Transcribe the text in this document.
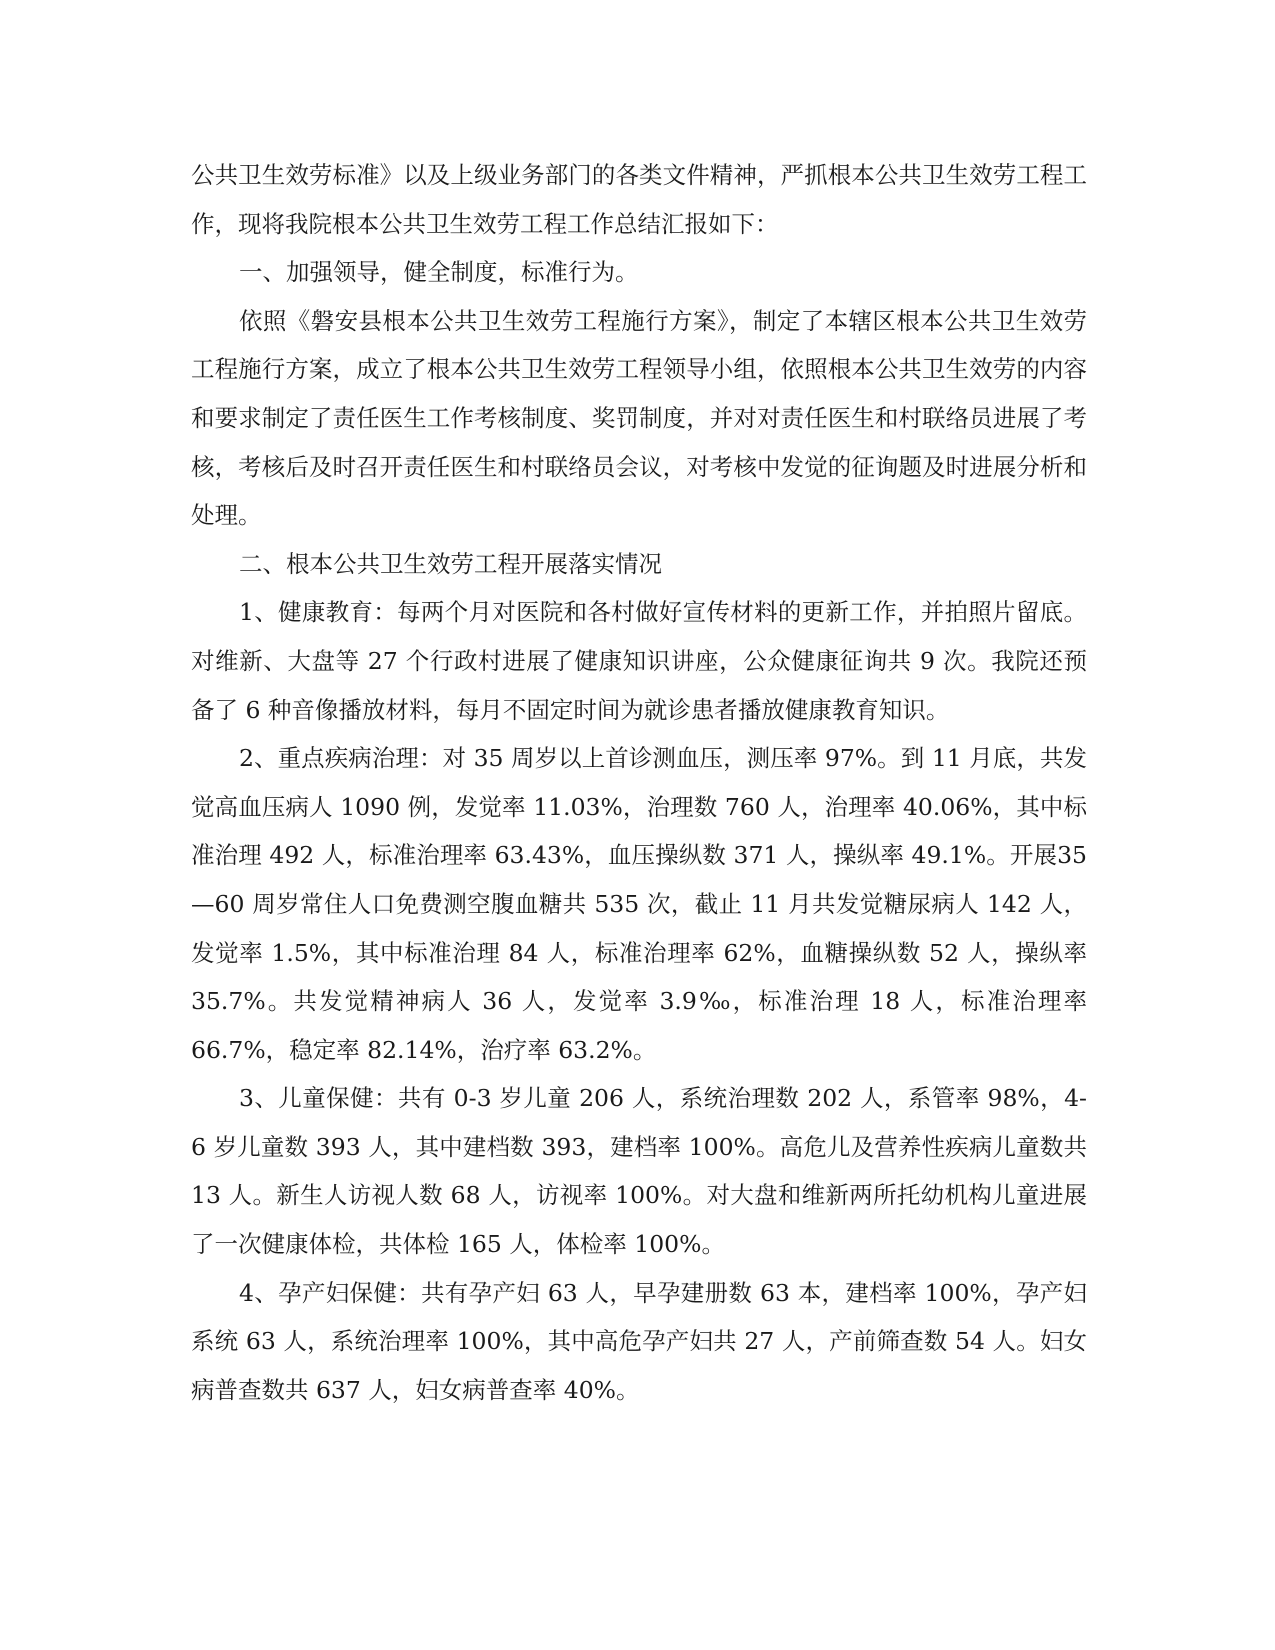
公共卫生效劳标准》以及上级业务部门的各类文件精神，严抓根本公共卫生效劳工程工作，现将我院根本公共卫生效劳工程工作总结汇报如下：

一、加强领导，健全制度，标准行为。

依照《磐安县根本公共卫生效劳工程施行方案》，制定了本辖区根本公共卫生效劳工程施行方案，成立了根本公共卫生效劳工程领导小组，依照根本公共卫生效劳的内容和要求制定了责任医生工作考核制度、奖罚制度，并对对责任医生和村联络员进展了考核，考核后及时召开责任医生和村联络员会议，对考核中发觉的征询题及时进展分析和处理。

二、根本公共卫生效劳工程开展落实情况

1、健康教育：每两个月对医院和各村做好宣传材料的更新工作，并拍照片留底。对维新、大盘等 27 个行政村进展了健康知识讲座，公众健康征询共 9 次。我院还预备了 6 种音像播放材料，每月不固定时间为就诊患者播放健康教育知识。

2、重点疾病治理：对 35 周岁以上首诊测血压，测压率 97%。到 11 月底，共发觉高血压病人 1090 例，发觉率 11.03%，治理数 760 人，治理率 40.06%，其中标准治理 492 人，标准治理率 63.43%，血压操纵数 371 人，操纵率 49.1%。开展35—60 周岁常住人口免费测空腹血糖共 535 次，截止 11 月共发觉糖尿病人 142 人，发觉率 1.5%，其中标准治理 84 人，标准治理率 62%，血糖操纵数 52 人，操纵率 35.7%。共发觉精神病人 36 人，发觉率 3.9‰，标准治理 18 人，标准治理率66.7%，稳定率 82.14%，治疗率 63.2%。

3、儿童保健：共有 0-3 岁儿童 206 人，系统治理数 202 人，系管率 98%，4-6 岁儿童数 393 人，其中建档数 393，建档率 100%。高危儿及营养性疾病儿童数共 13 人。新生人访视人数 68 人，访视率 100%。对大盘和维新两所托幼机构儿童进展了一次健康体检，共体检 165 人，体检率 100%。

4、孕产妇保健：共有孕产妇 63 人，早孕建册数 63 本，建档率 100%，孕产妇系统 63 人，系统治理率 100%，其中高危孕产妇共 27 人，产前筛查数 54 人。妇女病普查数共 637 人，妇女病普查率 40%。
